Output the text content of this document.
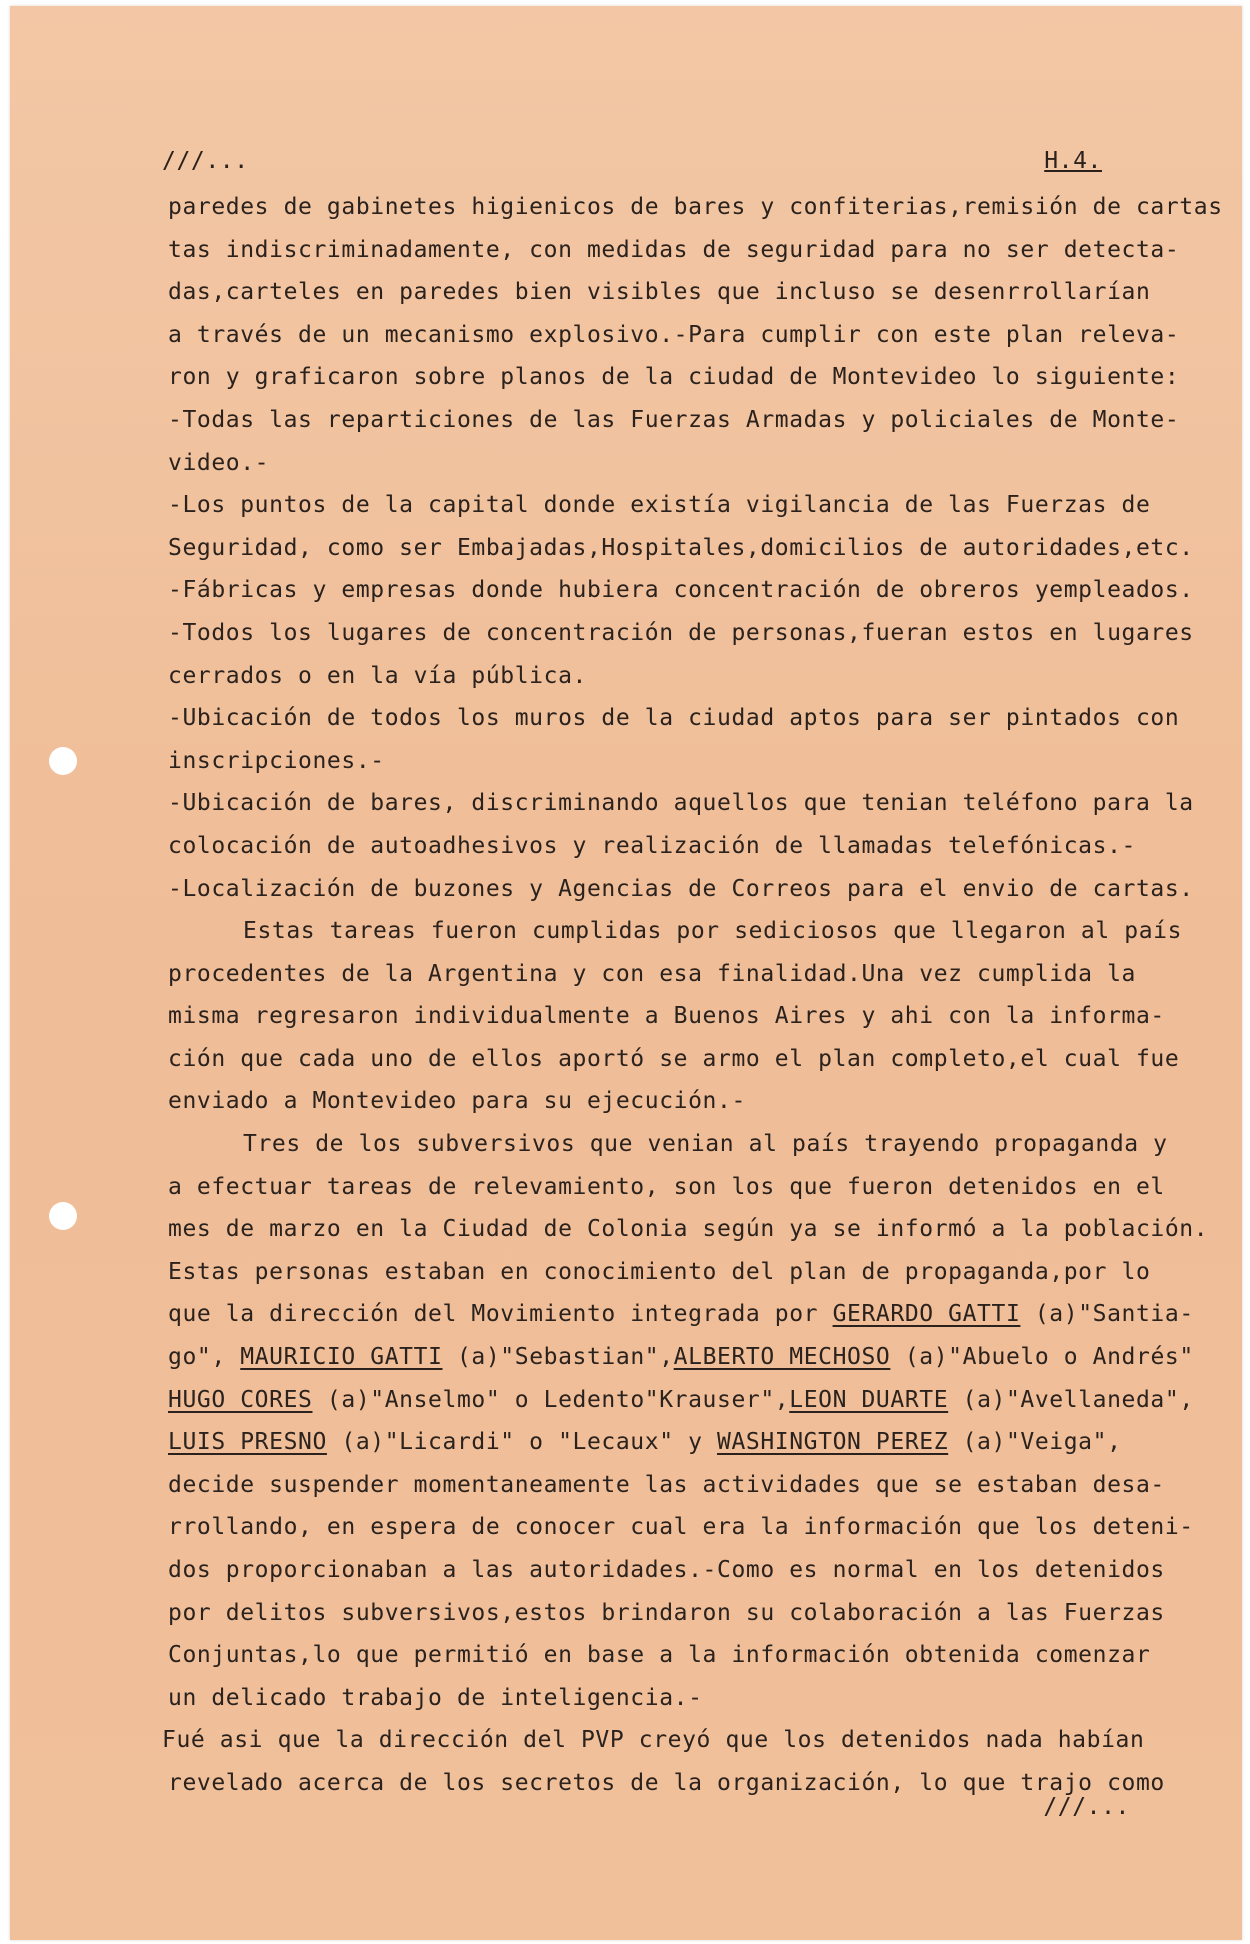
///...	H.4.
paredes de gabinetes higienicos de bares y confiterias,remisión de cartas
tas indiscriminadamente, con medidas de seguridad para no ser detecta-
das,carteles en paredes bien visibles que incluso se desenrrollarían
a través de un mecanismo explosivo.-Para cumplir con este plan releva-
ron y graficaron sobre planos de la ciudad de Montevideo lo siguiente:
-Todas las reparticiones de las Fuerzas Armadas y policiales de Monte-
video.-
-Los puntos de la capital donde existía vigilancia de las Fuerzas de
Seguridad, como ser Embajadas,Hospitales,domicilios de autoridades,etc.
-Fábricas y empresas donde hubiera concentración de obreros yempleados.
-Todos los lugares de concentración de personas,fueran estos en lugares
cerrados o en la vía pública.
-Ubicación de todos los muros de la ciudad aptos para ser pintados con
inscripciones.-
-Ubicación de bares, discriminando aquellos que tenian teléfono para la
colocación de autoadhesivos y realización de llamadas telefónicas.-
-Localización de buzones y Agencias de Correos para el envio de cartas.
Estas tareas fueron cumplidas por sediciosos que llegaron al país
procedentes de la Argentina y con esa finalidad.Una vez cumplida la
misma regresaron individualmente a Buenos Aires y ahi con la informa-
ción que cada uno de ellos aportó se armo el plan completo,el cual fue
enviado a Montevideo para su ejecución.-
Tres de los subversivos que venian al país trayendo propaganda y
a efectuar tareas de relevamiento, son los que fueron detenidos en el
mes de marzo en la Ciudad de Colonia según ya se informó a la población.
Estas personas estaban en conocimiento del plan de propaganda,por lo
que la dirección del Movimiento integrada por GERARDO GATTI (a)"Santia-
go", MAURICIO GATTI (a)"Sebastian",ALBERTO MECHOSO (a)"Abuelo o Andrés"
HUGO CORES (a)"Anselmo" o Ledento"Krauser",LEON DUARTE (a)"Avellaneda",
LUIS PRESNO (a)"Licardi" o "Lecaux" y WASHINGTON PEREZ (a)"Veiga",
decide suspender momentaneamente las actividades que se estaban desa-
rrollando, en espera de conocer cual era la información que los deteni-
dos proporcionaban a las autoridades.-Como es normal en los detenidos
por delitos subversivos,estos brindaron su colaboración a las Fuerzas
Conjuntas,lo que permitió en base a la información obtenida comenzar
un delicado trabajo de inteligencia.-
Fué asi que la dirección del PVP creyó que los detenidos nada habían
revelado acerca de los secretos de la organización, lo que trajo como
///...
